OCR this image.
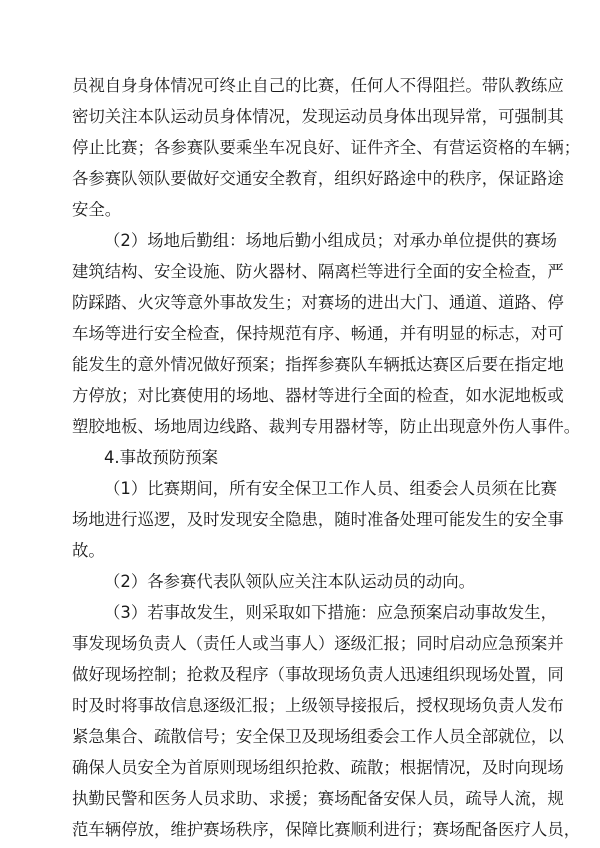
员视自身身体情况可终止自己的比赛，任何人不得阻拦。带队教练应
密切关注本队运动员身体情况，发现运动员身体出现异常，可强制其
停止比赛；各参赛队要乘坐车况良好、证件齐全、有营运资格的车辆；
各参赛队领队要做好交通安全教育，组织好路途中的秩序，保证路途
安全。
（2）场地后勤组：场地后勤小组成员；对承办单位提供的赛场
建筑结构、安全设施、防火器材、隔离栏等进行全面的安全检查，严
防踩踏、火灾等意外事故发生；对赛场的进出大门、通道、道路、停
车场等进行安全检查，保持规范有序、畅通，并有明显的标志，对可
能发生的意外情况做好预案；指挥参赛队车辆抵达赛区后要在指定地
方停放；对比赛使用的场地、器材等进行全面的检查，如水泥地板或
塑胶地板、场地周边线路、裁判专用器材等，防止出现意外伤人事件。
4.事故预防预案
（1）比赛期间，所有安全保卫工作人员、组委会人员须在比赛
场地进行巡逻，及时发现安全隐患，随时准备处理可能发生的安全事
故。
（2）各参赛代表队领队应关注本队运动员的动向。
（3）若事故发生，则采取如下措施：应急预案启动事故发生，
事发现场负责人（责任人或当事人）逐级汇报；同时启动应急预案并
做好现场控制；抢救及程序（事故现场负责人迅速组织现场处置，同
时及时将事故信息逐级汇报；上级领导接报后，授权现场负责人发布
紧急集合、疏散信号；安全保卫及现场组委会工作人员全部就位，以
确保人员安全为首原则现场组织抢救、疏散；根据情况，及时向现场
执勤民警和医务人员求助、求援；赛场配备安保人员，疏导人流，规
范车辆停放，维护赛场秩序，保障比赛顺利进行；赛场配备医疗人员，
